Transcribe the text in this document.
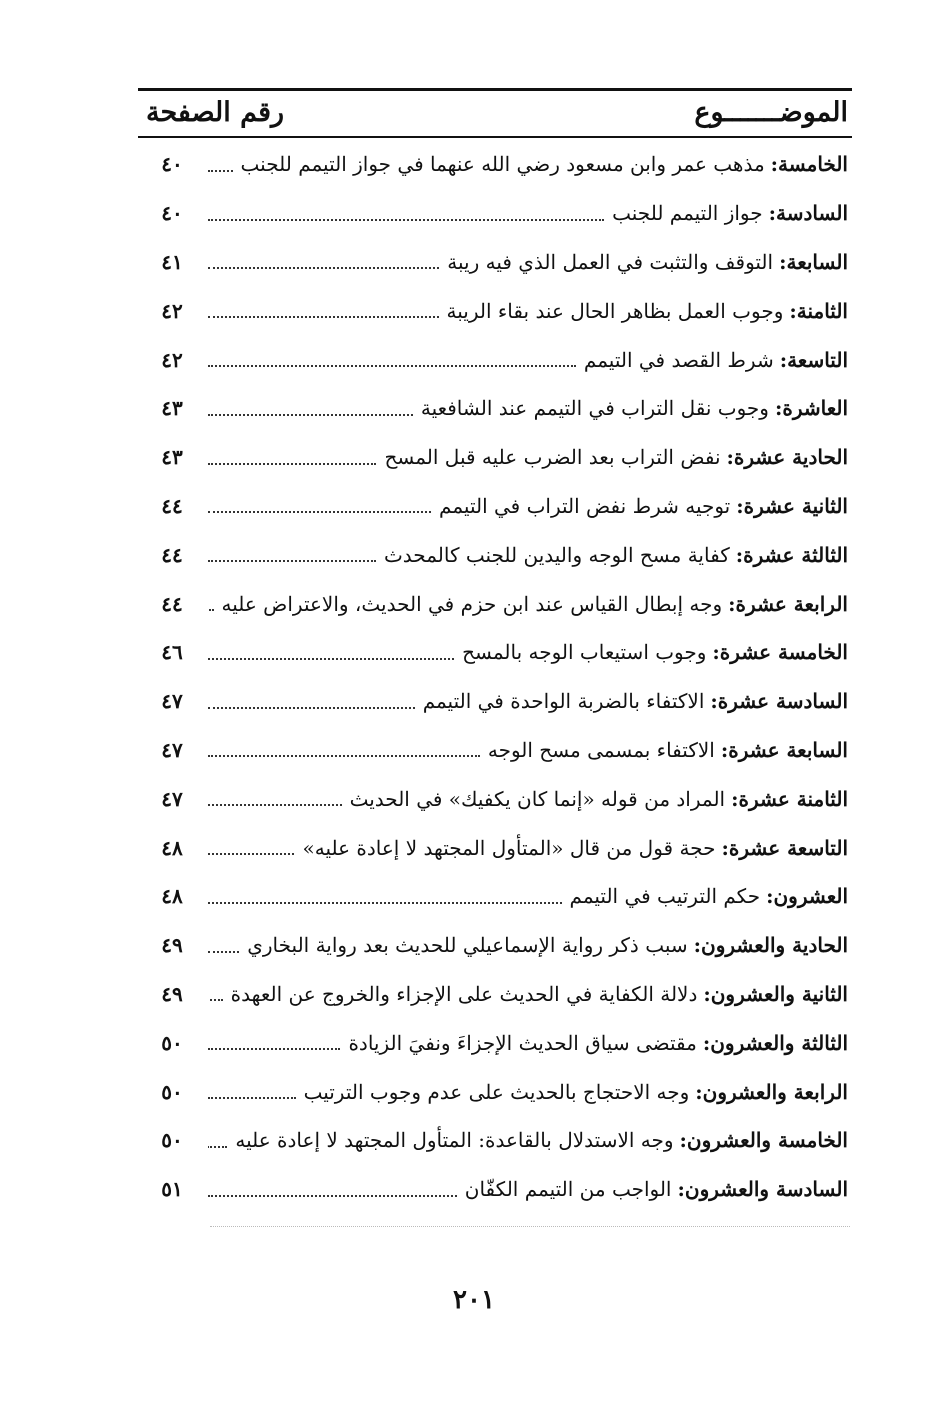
الموضـــــــوع
رقم الصفحة
الخامسة:
مذهب عمر وابن مسعود رضي الله عنهما في جواز التيمم للجنب
٤٠
السادسة:
جواز التيمم للجنب
٤٠
السابعة:
التوقف والتثبت في العمل الذي فيه ريبة
٤١
الثامنة:
وجوب العمل بظاهر الحال عند بقاء الريبة
٤٢
التاسعة:
شرط القصد في التيمم
٤٢
العاشرة:
وجوب نقل التراب في التيمم عند الشافعية
٤٣
الحادية عشرة:
نفض التراب بعد الضرب عليه قبل المسح
٤٣
الثانية عشرة:
توجيه شرط نفض التراب في التيمم
٤٤
الثالثة عشرة:
كفاية مسح الوجه واليدين للجنب كالمحدث
٤٤
الرابعة عشرة:
وجه إبطال القياس عند ابن حزم في الحديث، والاعتراض عليه
٤٤
الخامسة عشرة:
وجوب استيعاب الوجه بالمسح
٤٦
السادسة عشرة:
الاكتفاء بالضربة الواحدة في التيمم
٤٧
السابعة عشرة:
الاكتفاء بمسمى مسح الوجه
٤٧
الثامنة عشرة:
المراد من قوله «إنما كان يكفيك» في الحديث
٤٧
التاسعة عشرة:
حجة قول من قال «المتأول المجتهد لا إعادة عليه»
٤٨
العشرون:
حكم الترتيب في التيمم
٤٨
الحادية والعشرون:
سبب ذكر رواية الإسماعيلي للحديث بعد رواية البخاري
٤٩
الثانية والعشرون:
دلالة الكفاية في الحديث على الإجزاء والخروج عن العهدة
٤٩
الثالثة والعشرون:
مقتضى سياق الحديث الإجزاءَ ونفيَ الزيادة
٥٠
الرابعة والعشرون:
وجه الاحتجاج بالحديث على عدم وجوب الترتيب
٥٠
الخامسة والعشرون:
وجه الاستدلال بالقاعدة: المتأول المجتهد لا إعادة عليه
٥٠
السادسة والعشرون:
الواجب من التيمم الكفّان
٥١
٢٠١
